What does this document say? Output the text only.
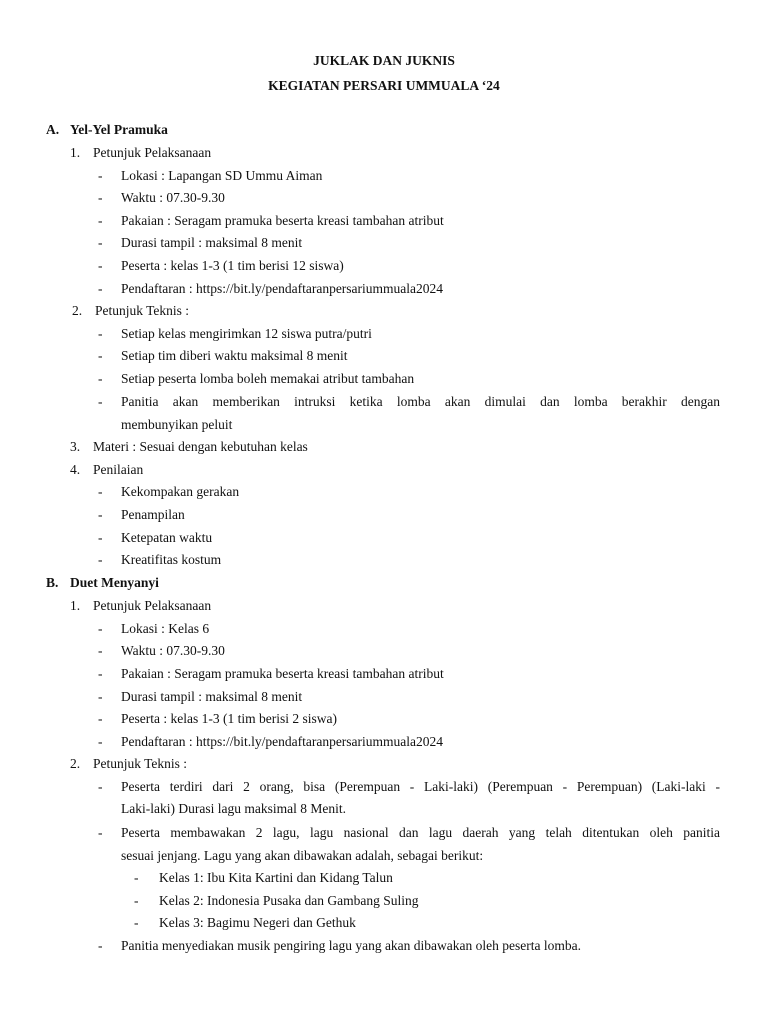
JUKLAK DAN JUKNIS
KEGIATAN PERSARI UMMUALA ‘24
A. Yel-Yel Pramuka
1. Petunjuk Pelaksanaan
- Lokasi : Lapangan SD Ummu Aiman
- Waktu : 07.30-9.30
- Pakaian : Seragam pramuka beserta kreasi tambahan atribut
- Durasi tampil : maksimal 8 menit
- Peserta : kelas 1-3 (1 tim berisi 12 siswa)
- Pendaftaran : https://bit.ly/pendaftaranpersariummuala2024
2. Petunjuk Teknis :
- Setiap kelas mengirimkan 12 siswa putra/putri
- Setiap tim diberi waktu maksimal 8 menit
- Setiap peserta lomba boleh memakai atribut tambahan
- Panitia akan memberikan intruksi ketika lomba akan dimulai dan lomba berakhir dengan
membunyikan peluit
3. Materi : Sesuai dengan kebutuhan kelas
4. Penilaian
- Kekompakan gerakan
- Penampilan
- Ketepatan waktu
- Kreatifitas kostum
B. Duet Menyanyi
1. Petunjuk Pelaksanaan
- Lokasi : Kelas 6
- Waktu : 07.30-9.30
- Pakaian : Seragam pramuka beserta kreasi tambahan atribut
- Durasi tampil : maksimal 8 menit
- Peserta : kelas 1-3 (1 tim berisi 2 siswa)
- Pendaftaran : https://bit.ly/pendaftaranpersariummuala2024
2. Petunjuk Teknis :
- Peserta terdiri dari 2 orang, bisa (Perempuan - Laki-laki) (Perempuan - Perempuan) (Laki-laki -
Laki-laki) Durasi lagu maksimal 8 Menit.
- Peserta membawakan 2 lagu, lagu nasional dan lagu daerah yang telah ditentukan oleh panitia
sesuai jenjang. Lagu yang akan dibawakan adalah, sebagai berikut:
- Kelas 1: Ibu Kita Kartini dan Kidang Talun
- Kelas 2: Indonesia Pusaka dan Gambang Suling
- Kelas 3: Bagimu Negeri dan Gethuk
- Panitia menyediakan musik pengiring lagu yang akan dibawakan oleh peserta lomba.
